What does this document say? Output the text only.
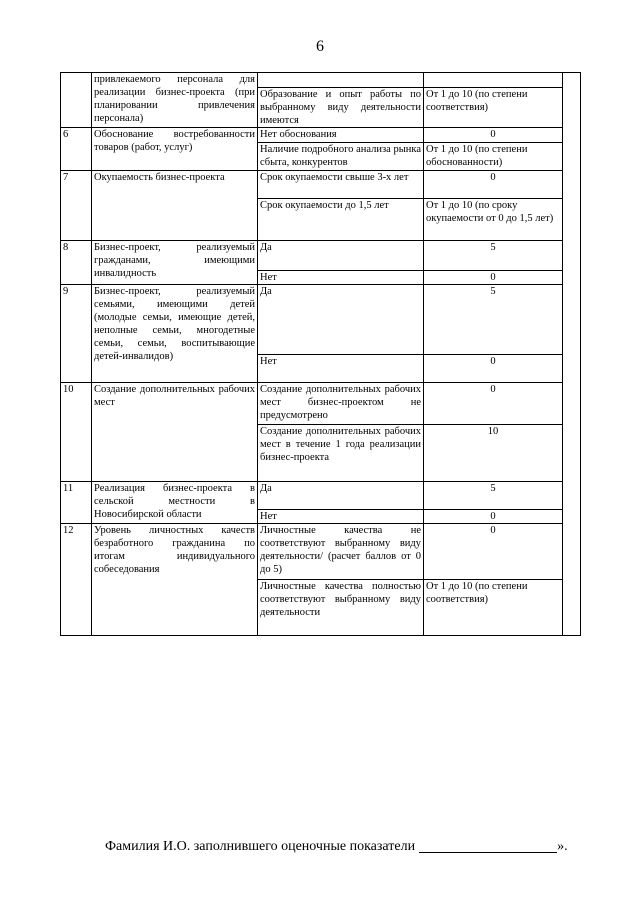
6
	привлекаемого персонала для реализации бизнес-проекта (при планировании привлечения персонала)			
		Образование и опыт работы по выбранному виду деятельности имеются	От 1 до 10 (по степени соответствия)	
6	Обоснование востребованности товаров (работ, услуг)	Нет обоснования	0	
		Наличие подробного анализа рынка сбыта, конкурентов	От 1 до 10 (по степени обоснованности)	
7	Окупаемость бизнес-проекта	Срок окупаемости свыше 3-х лет	0	
		Срок окупаемости до 1,5 лет	От 1 до 10 (по сроку окупаемости от 0 до 1,5 лет)	
8	Бизнес-проект, реализуемый гражданами, имеющими инвалидность	Да	5	
		Нет	0	
9	Бизнес-проект, реализуемый семьями, имеющими детей (молодые семьи, имеющие детей, неполные семьи, многодетные семьи, семьи, воспитывающие детей-инвалидов)	Да	5	
		Нет	0	
10	Создание дополнительных рабочих мест	Создание дополнительных рабочих мест бизнес-проектом не предусмотрено	0	
		Создание дополнительных рабочих мест в течение 1 года реализации бизнес-проекта	10	
11	Реализация бизнес-проекта в сельской местности в Новосибирской области	Да	5	
		Нет	0	
12	Уровень личностных качеств безработного гражданина по итогам индивидуального собеседования	Личностные качества не соответствуют выбранному виду деятельности/ (расчет баллов от 0 до 5)	0	
		Личностные качества полностью соответствуют выбранному виду деятельности	От 1 до 10 (по степени соответствия)	
Фамилия И.О. заполнившего оценочные показатели	».
